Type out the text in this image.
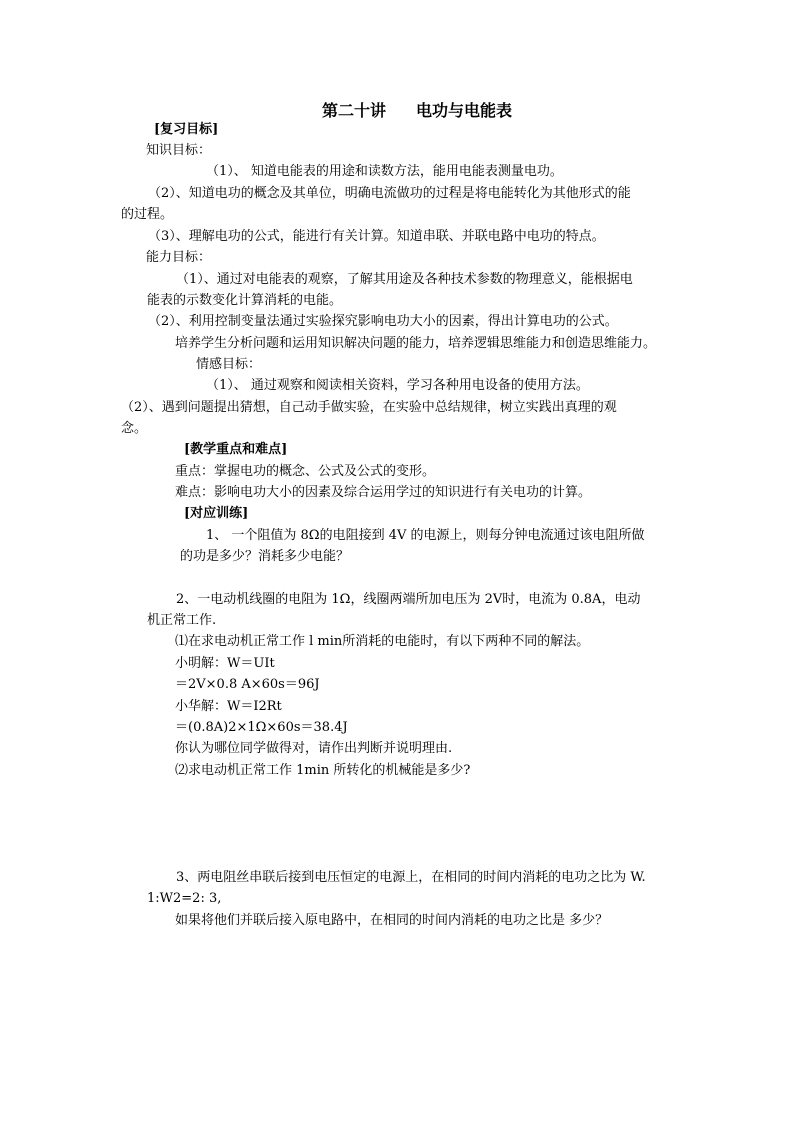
第二十讲 电功与电能表
[复习目标]
知识目标：
（1）、 知道电能表的用途和读数方法，能用电能表测量电功。
（2）、知道电功的概念及其单位，明确电流做功的过程是将电能转化为其他形式的能
的过程。
（3）、理解电功的公式，能进行有关计算。知道串联、并联电路中电功的特点。
能力目标：
（1）、通过对电能表的观察，了解其用途及各种技术参数的物理意义，能根据电
能表的示数变化计算消耗的电能。
（2）、利用控制变量法通过实验探究影响电功大小的因素，得出计算电功的公式。
培养学生分析问题和运用知识解决问题的能力，培养逻辑思维能力和创造思维能力。
情感目标：
（1）、 通过观察和阅读相关资料，学习各种用电设备的使用方法。
（2）、遇到问题提出猜想，自己动手做实验，在实验中总结规律，树立实践出真理的观
念。
[教学重点和难点]
重点：掌握电功的概念、公式及公式的变形。
难点：影响电功大小的因素及综合运用学过的知识进行有关电功的计算。
[对应训练]
1、 一个阻值为 8Ω的电阻接到 4V 的电源上，则每分钟电流通过该电阻所做
的功是多少？消耗多少电能？
2、一电动机线圈的电阻为 1Ω，线圈两端所加电压为 2V时，电流为 0.8A，电动
机正常工作.
⑴在求电动机正常工作 l min所消耗的电能时，有以下两种不同的解法。
小明解：W＝UIt
＝2V×0.8 A×60s＝96J
小华解：W＝I2Rt
＝(0.8A)2×1Ω×60s＝38.4J
你认为哪位同学做得对，请作出判断并说明理由.
⑵求电动机正常工作 1min 所转化的机械能是多少?
3、两电阻丝串联后接到电压恒定的电源上，在相同的时间内消耗的电功之比为 W.
1:W2=2: 3,
如果将他们并联后接入原电路中，在相同的时间内消耗的电功之比是 多少？
